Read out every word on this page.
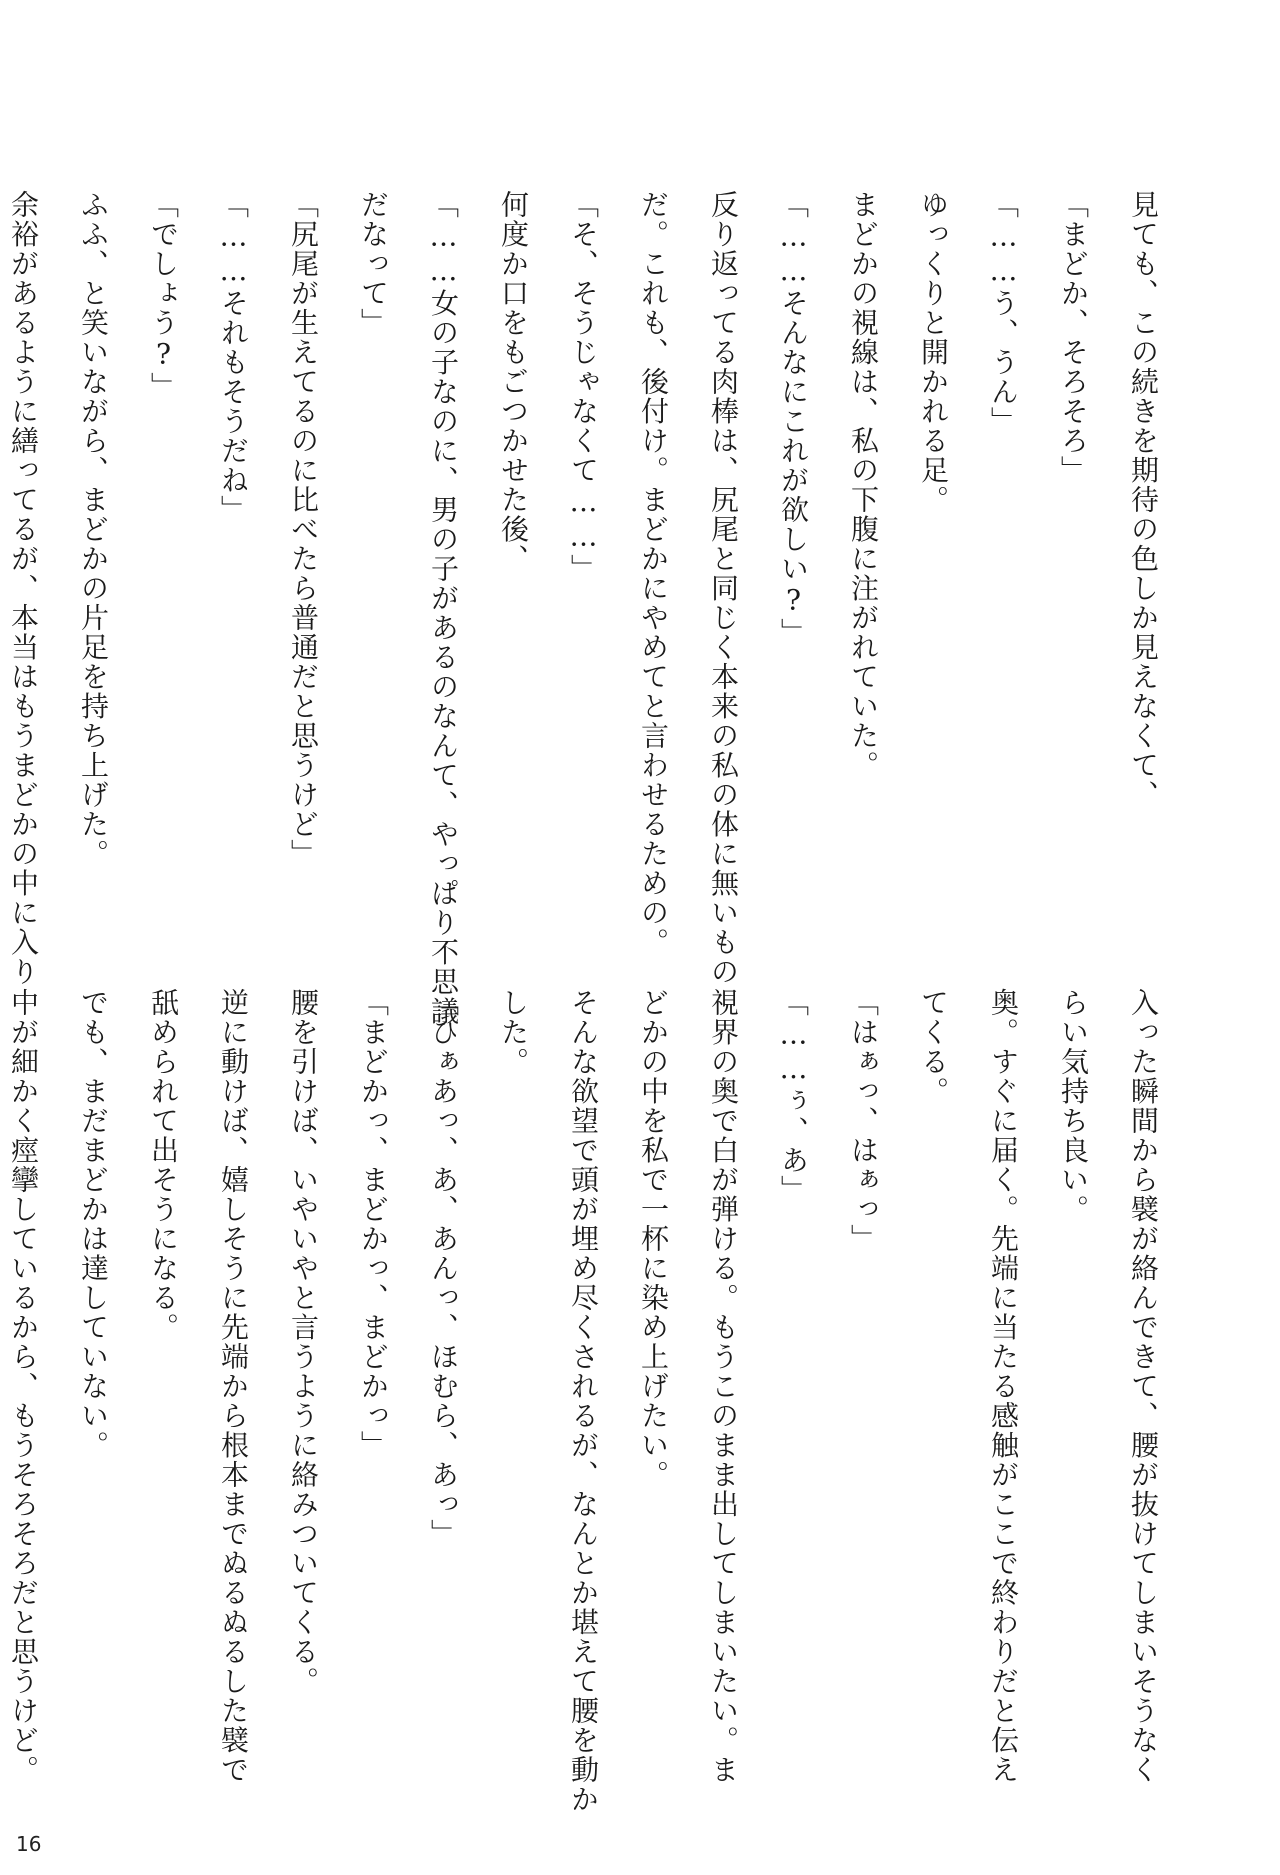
見ても、この続きを期待の色しか見えなくて、
「まどか、そろそろ」
「……う、うん」
ゆっくりと開かれる足。
まどかの視線は、私の下腹に注がれていた。
「……そんなにこれが欲しい?」
反り返ってる肉棒は、尻尾と同じく本来の私の体に無いもの
だ。これも、後付け。まどかにやめてと言わせるための。
「そ、そうじゃなくて……」
何度か口をもごつかせた後、
「……女の子なのに、男の子があるのなんて、やっぱり不思議
だなって」
「尻尾が生えてるのに比べたら普通だと思うけど」
「……それもそうだね」
「でしょう?」
ふふ、と笑いながら、まどかの片足を持ち上げた。
余裕があるように繕ってるが、本当はもうまどかの中に入り
入った瞬間から襞が絡んできて、腰が抜けてしまいそうなく
らい気持ち良い。
奥。すぐに届く。先端に当たる感触がここで終わりだと伝え
てくる。
「はぁっ、はぁっ」
「……ぅ、あ」
視界の奥で白が弾ける。もうこのまま出してしまいたい。ま
どかの中を私で一杯に染め上げたい。
そんな欲望で頭が埋め尽くされるが、なんとか堪えて腰を動か
した。
「ひぁあっ、あ、あんっ、ほむら、あっ」
「まどかっ、まどかっ、まどかっ」
腰を引けば、いやいやと言うように絡みついてくる。
逆に動けば、嬉しそうに先端から根本までぬるぬるした襞で
舐められて出そうになる。
でも、まだまどかは達していない。
中が細かく痙攣しているから、もうそろそろだと思うけど。
16
